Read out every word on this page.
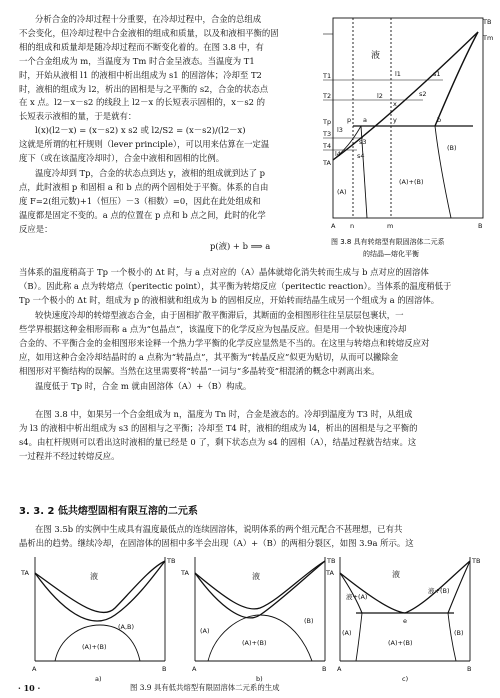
分析合金的冷却过程十分重要，在冷却过程中，合金的总组成
不会变化，但冷却过程中合金液相的组成和质量，以及和液相平衡的固
相的组成和质量却是随冷却过程而不断变化着的。在图 3.8 中，有
一个合金组成为 m，当温度为 Tm 时合金呈液态。当温度为 T1
时，开始从液相 l1 的液相中析出组成为 s1 的固溶体；冷却至 T2
时，液相的组成为 l2，析出的固相是与之平衡的 s2，合金的状态点
在 x 点。l2－x－s2 的线段上 l2－x 的长短表示固相的，x－s2 的
长短表示液相的量，于是就有：
l(x)(l2－x) = (x－s2) x s2 或 l2/S2 = (x－s2)/(l2－x)
这就是所谓的杠杆规则（lever principle），可以用来估算在一定温
度下（或在该温度冷却时），合金中液相和固相的比例。
温度冷却到 Tp，合金的状态点到达 y，液相的组成就到达了 p
点，此时液相 p 和固相 a 和 b 点的两个固相处于平衡。体系的自由
度 F=2(组元数)+1（恒压）－3（相数）=0，因此在此处组成和
温度都是固定不变的。a 点的位置在 p 点和 b 点之间，此时的化学
反应是：
p(液) + b ⟹ a
液
TB
Tm
TA
T1
T2
Tp
T3
T4
l1
l2
s1
s2
x
y
p a	b
l3
s3
l4 s4
(A)
(B)
(A)+(B)
A n	m	B
图 3.8 具有转熔型有限固溶体二元系
的结晶—熔化平衡
当体系的温度稍高于 Tp 一个极小的 Δt 时，与 a 点对应的（A）晶体就熔化消失转而生成与 b 点对应的固溶体
（B）。因此称 a 点为转熔点（peritectic point），其平衡为转熔反应（peritectic reaction）。当体系的温度稍低于
Tp 一个极小的 Δt 时，组成为 p 的液相就和组成为 b 的固相反应，开始转而结晶生成另一个组成为 a 的固溶体。
较快速度冷却的转熔型液态合金，由于固相扩散平衡滞后，其断面的金相图形往往呈层层包裹状，一
些学界根据这种金相形而称 a 点为“包晶点”，该温度下的化学反应为包晶反应。但是用一个较快速度冷却
合金的、不平衡合金的金相图形来诠释一个热力学平衡的化学反应显然是不当的。在这里与转熔点和转熔反应对
应，如用这种合金冷却结晶时的 a 点称为“转晶点”，其平衡为“转晶反应”似更为贴切，从而可以撇除金
相图形对平衡结构的误解。当然在这里需要将“转晶”一词与“多晶转变”相混淆的概念中剥离出来。
温度低于 Tp 时，合金 m 就由固溶体（A）+（B）构成。
在图 3.8 中，如果另一个合金组成为 n，温度为 Tn 时，合金是液态的。冷却到温度为 T3 时，从组成
为 l3 的液相中析出组成为 s3 的固相与之平衡；冷却至 T4 时，液相的组成为 l4，析出的固相是与之平衡的
s4。由杠杆规则可以看出这时液相的量已经是 0 了，剩下状态点为 s4 的固相（A），结晶过程就告结束。这
一过程并不经过转熔反应。
3. 3. 2 低共熔型固相有限互溶的二元系
在图 3.5b 的实例中生成具有温度最低点的连续固溶体，说明体系的两个组元配合不甚理想，已有共
晶析出的趋势。继续冷却，在固溶体的固相中多半会出现（A）+（B）的两相分裂区，如图 3.9a 所示。这
TA
TB
液
(A,B)
(A)+(B)
A	B
a)
TA
TB
液
(A)
(B)
(A)+(B)
A	B
b)
TA
TB
液
液+(A)
液+(B)
e
(A)	(B)
(A)+(B)
A	B
c)
图 3.9 具有低共熔型有限固溶体二元系的生成
· 10 ·
